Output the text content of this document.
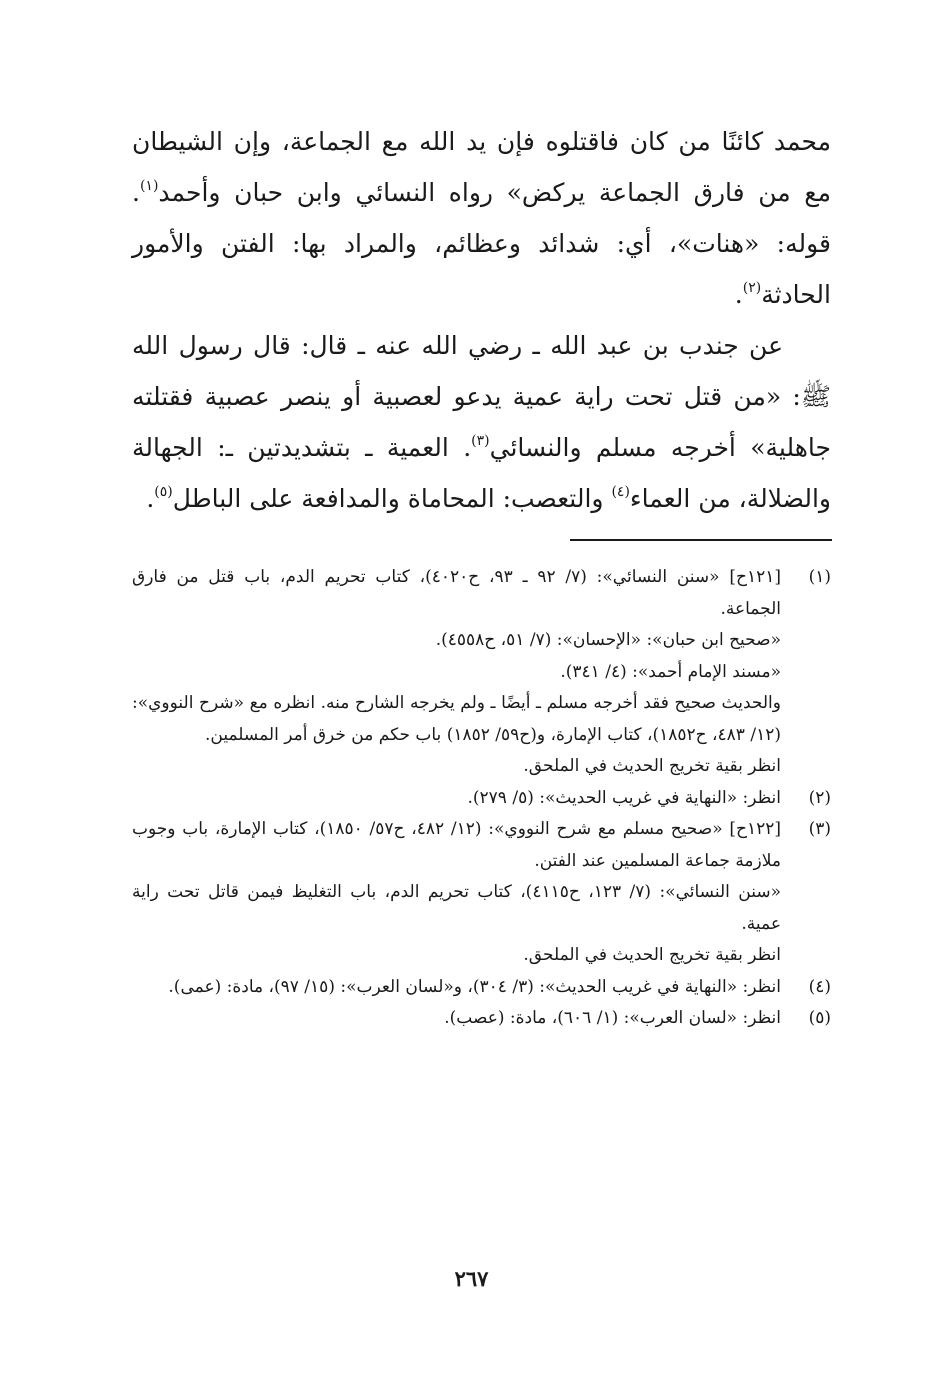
محمد كائنًا من كان فاقتلوه فإن يد الله مع الجماعة، وإن الشيطان مع من فارق الجماعة يركض» رواه النسائي وابن حبان وأحمد$^{(١)}$. قوله: «هنات»، أي: شدائد وعظائم، والمراد بها: الفتن والأمور الحادثة$^{(٢)}$.

عن جندب بن عبد الله ـ رضي الله عنه ـ قال: قال رسول الله ﷺ: «من قتل تحت راية عمية يدعو لعصبية أو ينصر عصبية فقتلته جاهلية» أخرجه مسلم والنسائي$^{(٣)}$. العمية ـ بتشديدتين ـ: الجهالة والضلالة، من العماء$^{(٤)}$ والتعصب: المحاماة والمدافعة على الباطل$^{(٥)}$.

(١)
[١٢١ح] «سنن النسائي»: (٧/ ٩٢ ـ ٩٣، ح٤٠٢٠)، كتاب تحريم الدم، باب قتل من فارق الجماعة.
«صحيح ابن حبان»: «الإحسان»: (٧/ ٥١، ح٤٥٥٨).
«مسند الإمام أحمد»: (٤/ ٣٤١).
والحديث صحيح فقد أخرجه مسلم ـ أيضًا ـ ولم يخرجه الشارح منه. انظره مع «شرح النووي»: (١٢/ ٤٨٣، ح١٨٥٢)، كتاب الإمارة، و(ح٥٩/ ١٨٥٢) باب حكم من خرق أمر المسلمين.
انظر بقية تخريج الحديث في الملحق.
(٢)
انظر: «النهاية في غريب الحديث»: (٥/ ٢٧٩).
(٣)
[١٢٢ح] «صحيح مسلم مع شرح النووي»: (١٢/ ٤٨٢، ح٥٧/ ١٨٥٠)، كتاب الإمارة، باب وجوب ملازمة جماعة المسلمين عند الفتن.
«سنن النسائي»: (٧/ ١٢٣، ح٤١١٥)، كتاب تحريم الدم، باب التغليظ فيمن قاتل تحت راية عمية.
انظر بقية تخريج الحديث في الملحق.
(٤)
انظر: «النهاية في غريب الحديث»: (٣/ ٣٠٤)، و«لسان العرب»: (١٥/ ٩٧)، مادة: (عمى).
(٥)
انظر: «لسان العرب»: (١/ ٦٠٦)، مادة: (عصب).
٢٦٧
